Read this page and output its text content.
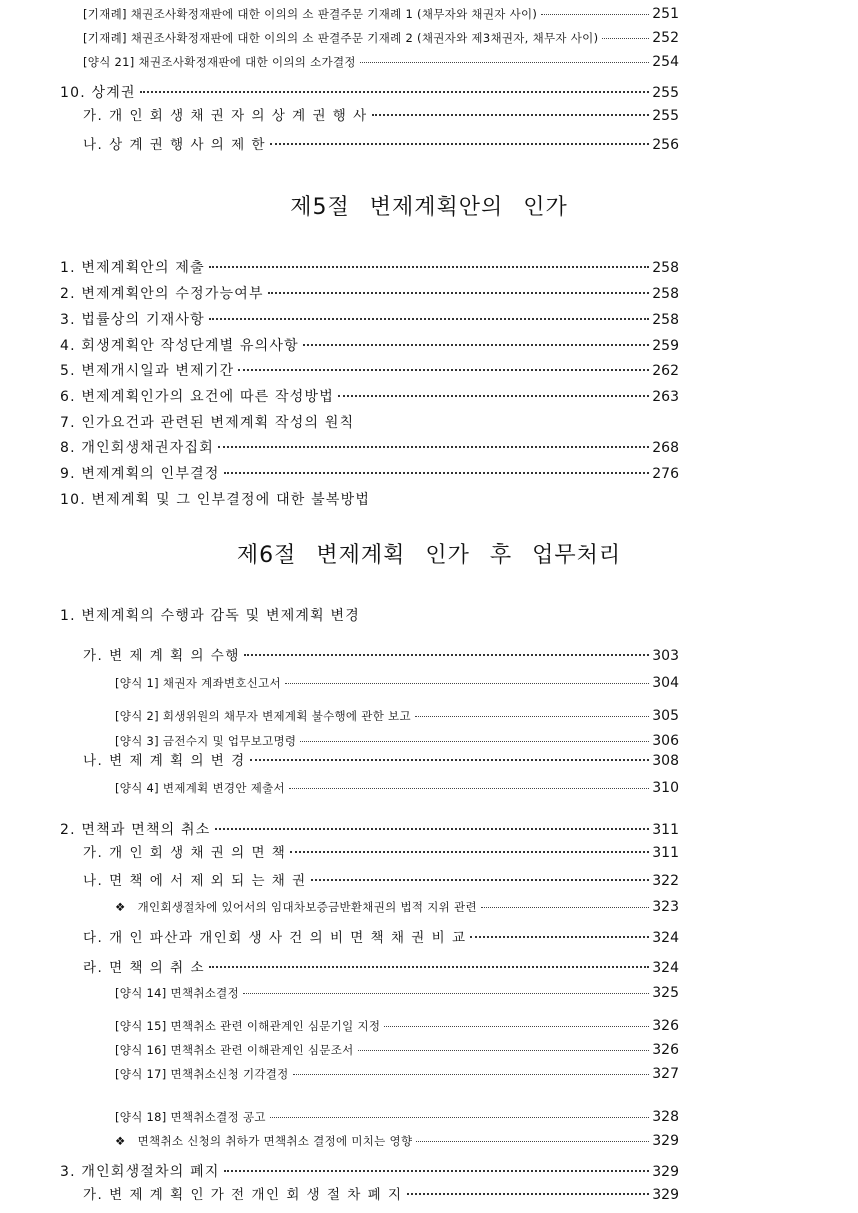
[기재례] 채권조사확정재판에 대한 이의의 소 판결주문 기재례 1 (채무자와 채권자 사이)	251
[기재례] 채권조사확정재판에 대한 이의의 소 판결주문 기재례 2 (채권자와 제3채권자, 채무자 사이)	252
[양식 21] 채권조사확정재판에 대한 이의의 소가결정	254
10. 상계권	255
가. 개 인 회 생 채 권 자 의 상 계 권 행 사	255
나. 상 계 권 행 사 의 제 한	256
제5절 변제계획안의 인가
1. 변제계획안의 제출	258
2. 변제계획안의 수정가능여부	258
3. 법률상의 기재사항	258
4. 회생계획안 작성단계별 유의사항	259
5. 변제개시일과 변제기간	262
6. 변제계획인가의 요건에 따른 작성방법	263
7. 인가요건과 관련된 변제계획 작성의 원칙
8. 개인회생채권자집회	268
9. 변제계획의 인부결정	276
10. 변제계획 및 그 인부결정에 대한 불복방법
제6절 변제계획 인가 후 업무처리
1. 변제계획의 수행과 감독 및 변제계획 변경
가. 변 제 계 획 의 수행	303
[양식 1] 채권자 계좌변호신고서	304
[양식 2] 회생위원의 채무자 변제계획 불수행에 관한 보고	305
[양식 3] 금전수지 및 업무보고명령	306
나. 변 제 계 획 의 변 경	308
[양식 4] 변제계획 변경안 제출서	310
2. 면책과 면책의 취소	311
가. 개 인 회 생 채 권 의 면 책	311
나. 면 책 에 서 제 외 되 는 채 권	322
❖ 개인회생절차에 있어서의 임대차보증금반환채권의 법적 지위 관련	323
다. 개 인 파산과 개인회 생 사 건 의 비 면 책 채 권 비 교	324
라. 면 책 의 취 소	324
[양식 14] 면책취소결정	325
[양식 15] 면책취소 관련 이해관계인 심문기일 지정	326
[양식 16] 면책취소 관련 이해관계인 심문조서	326
[양식 17] 면책취소신청 기각결정	327
[양식 18] 면책취소결정 공고	328
❖ 면책취소 신청의 취하가 면책취소 결정에 미치는 영향	329
3. 개인회생절차의 폐지	329
가. 변 제 계 획 인 가 전 개인 회 생 절 차 폐 지	329
